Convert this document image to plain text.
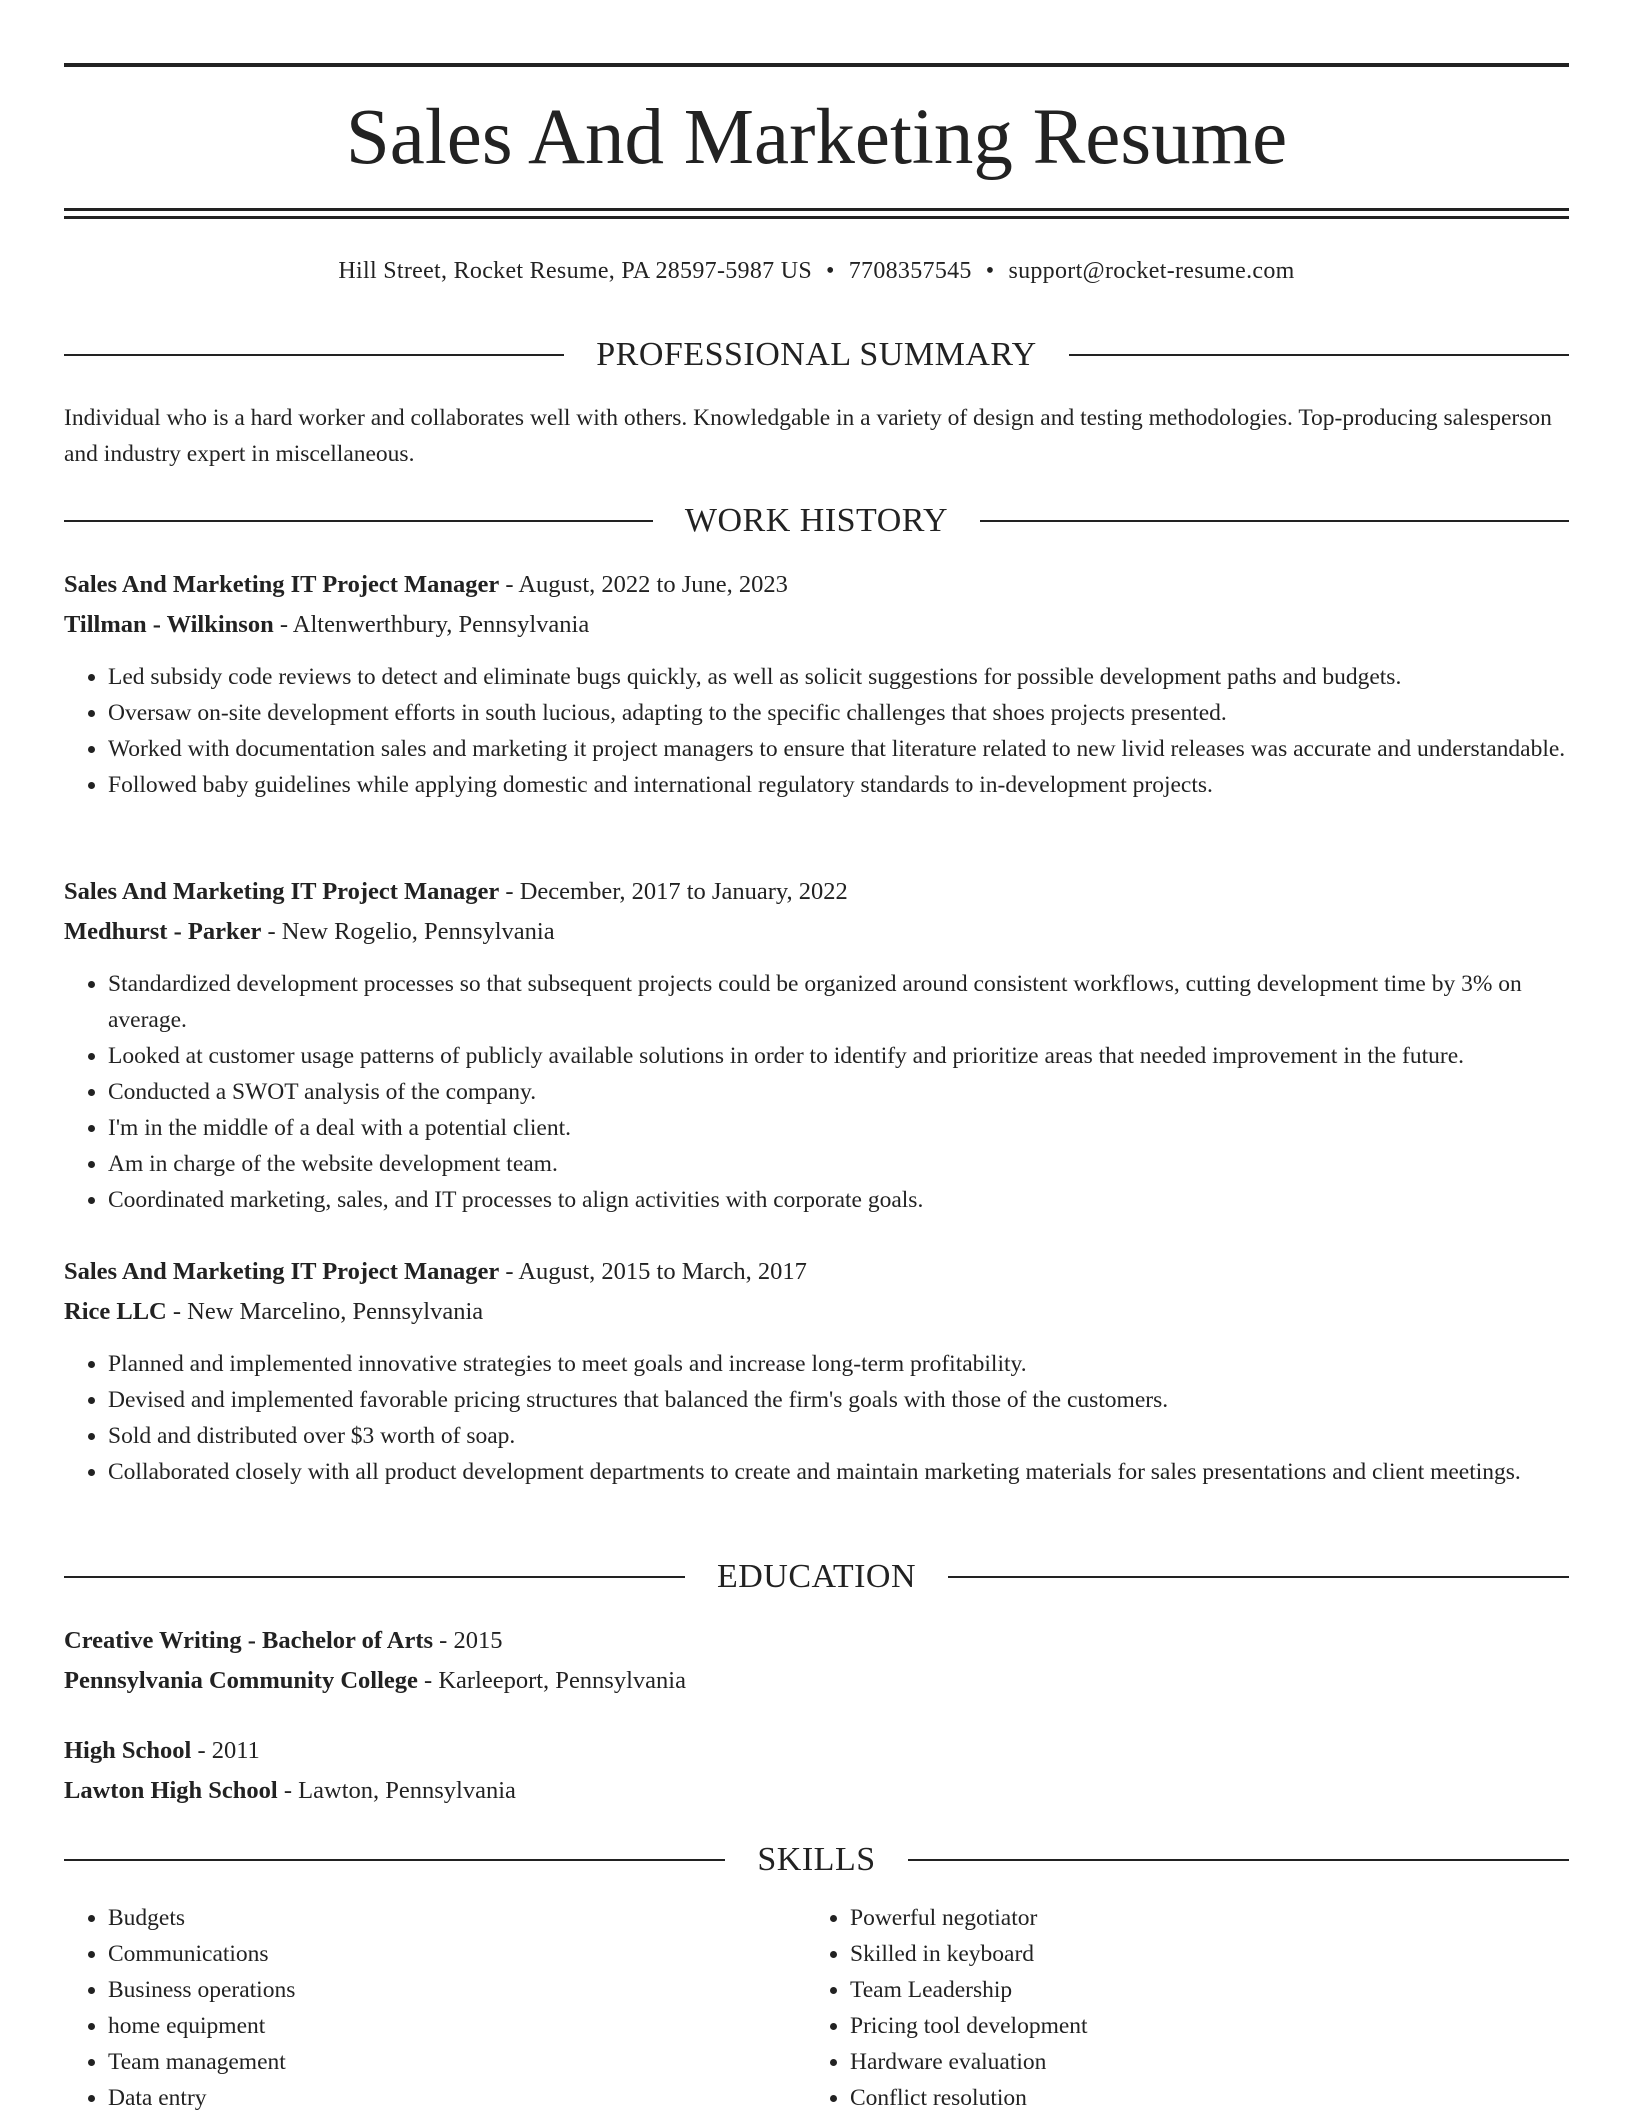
Sales And Marketing Resume
Hill Street, Rocket Resume, PA 28597-5987 US • 7708357545 • support@rocket-resume.com
PROFESSIONAL SUMMARY

Individual who is a hard worker and collaborates well with others. Knowledgable in a variety of design and testing methodologies. Top-producing salesperson and industry expert in miscellaneous.

WORK HISTORY

Sales And Marketing IT Project Manager - August, 2022 to June, 2023

Tillman - Wilkinson - Altenwerthbury, Pennsylvania

• Led subsidy code reviews to detect and eliminate bugs quickly, as well as solicit suggestions for possible development paths and budgets.
• Oversaw on-site development efforts in south lucious, adapting to the specific challenges that shoes projects presented.
• Worked with documentation sales and marketing it project managers to ensure that literature related to new livid releases was accurate and understandable.
• Followed baby guidelines while applying domestic and international regulatory standards to in-development projects.

Sales And Marketing IT Project Manager - December, 2017 to January, 2022

Medhurst - Parker - New Rogelio, Pennsylvania

• Standardized development processes so that subsequent projects could be organized around consistent workflows, cutting development time by 3% on average.
• Looked at customer usage patterns of publicly available solutions in order to identify and prioritize areas that needed improvement in the future.
• Conducted a SWOT analysis of the company.
• I'm in the middle of a deal with a potential client.
• Am in charge of the website development team.
• Coordinated marketing, sales, and IT processes to align activities with corporate goals.

Sales And Marketing IT Project Manager - August, 2015 to March, 2017

Rice LLC - New Marcelino, Pennsylvania

• Planned and implemented innovative strategies to meet goals and increase long-term profitability.
• Devised and implemented favorable pricing structures that balanced the firm's goals with those of the customers.
• Sold and distributed over $3 worth of soap.
• Collaborated closely with all product development departments to create and maintain marketing materials for sales presentations and client meetings.
EDUCATION

Creative Writing - Bachelor of Arts - 2015

Pennsylvania Community College - Karleeport, Pennsylvania

High School - 2011

Lawton High School - Lawton, Pennsylvania

SKILLS
• Budgets
• Communications
• Business operations
• home equipment
• Team management
• Data entry
• Powerful negotiator
• Skilled in keyboard
• Team Leadership
• Pricing tool development
• Hardware evaluation
• Conflict resolution
